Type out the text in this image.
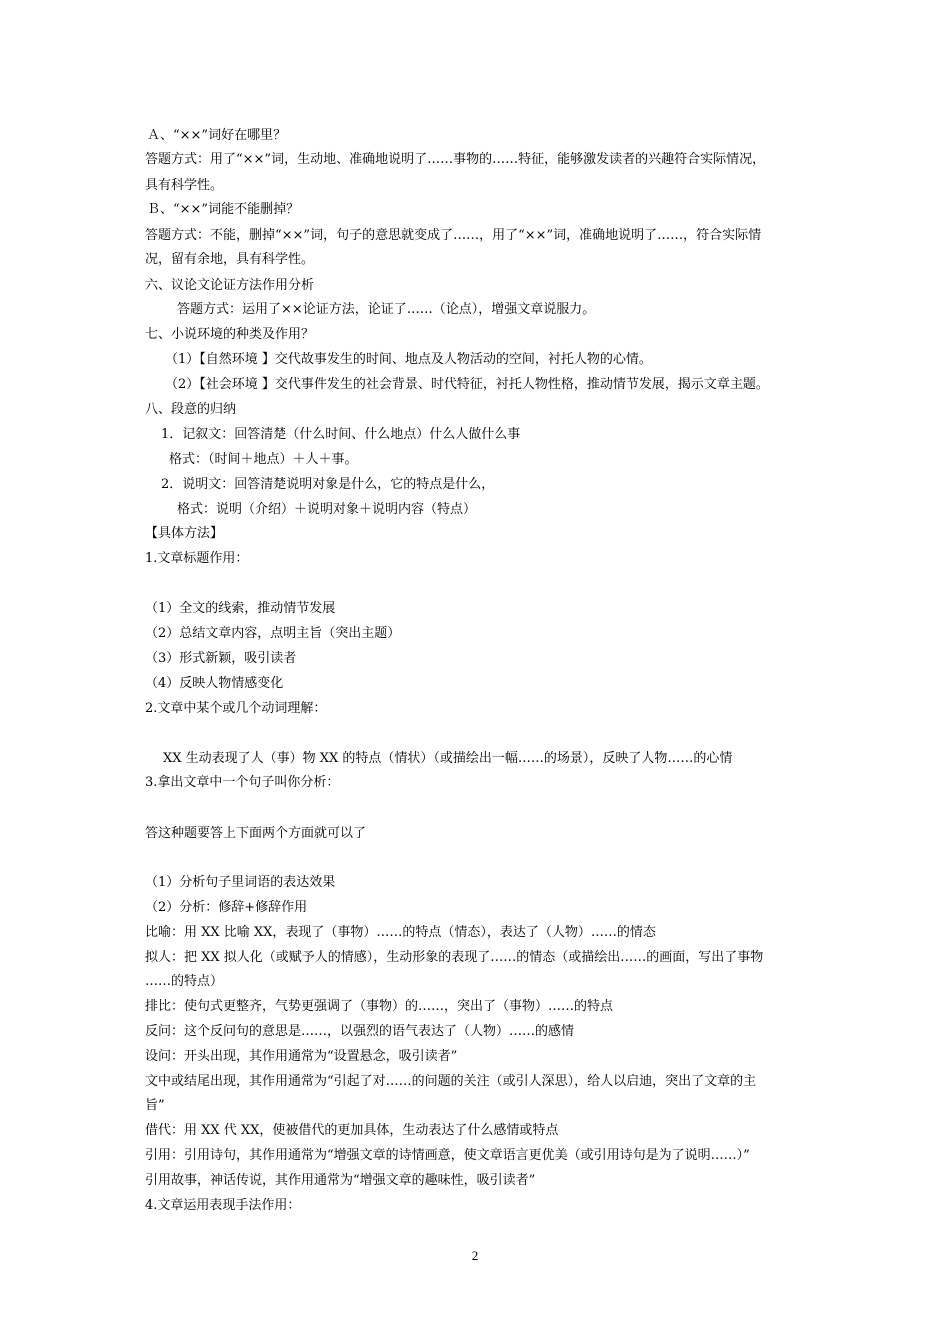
Ａ、“××”词好在哪里？
答题方式：用了“××”词，生动地、准确地说明了……事物的……特征，能够激发读者的兴趣符合实际情况，
具有科学性。
Ｂ、“××”词能不能删掉？
答题方式：不能，删掉“××”词，句子的意思就变成了……，用了“××”词，准确地说明了……，符合实际情
况，留有余地，具有科学性。
六、议论文论证方法作用分析
答题方式：运用了××论证方法，论证了……（论点），增强文章说服力。
七、小说环境的种类及作用？
（1）【自然环境 】交代故事发生的时间、地点及人物活动的空间，衬托人物的心情。
（2）【社会环境 】交代事件发生的社会背景、时代特征，衬托人物性格，推动情节发展，揭示文章主题。
八、段意的归纳
1．记叙文：回答清楚（什么时间、什么地点）什么人做什么事
格式：（时间＋地点）＋人＋事。
2．说明文：回答清楚说明对象是什么，它的特点是什么，
格式：说明（介绍）＋说明对象＋说明内容（特点）
【具体方法】
1.文章标题作用：
（1）全文的线索，推动情节发展
（2）总结文章内容，点明主旨（突出主题）
（3）形式新颖，吸引读者
（4）反映人物情感变化
2.文章中某个或几个动词理解：
XX 生动表现了人（事）物 XX 的特点（情状）（或描绘出一幅……的场景），反映了人物……的心情
3.拿出文章中一个句子叫你分析：
答这种题要答上下面两个方面就可以了
（1）分析句子里词语的表达效果
（2）分析：修辞+修辞作用
比喻：用 XX 比喻 XX，表现了（事物）……的特点（情态），表达了（人物）……的情态
拟人：把 XX 拟人化（或赋予人的情感），生动形象的表现了……的情态（或描绘出……的画面，写出了事物
……的特点）
排比：使句式更整齐，气势更强调了（事物）的……，突出了（事物）……的特点
反问：这个反问句的意思是……，以强烈的语气表达了（人物）……的感情
设问：开头出现，其作用通常为“设置悬念，吸引读者”
文中或结尾出现，其作用通常为“引起了对……的问题的关注（或引人深思），给人以启迪，突出了文章的主
旨”
借代：用 XX 代 XX，使被借代的更加具体，生动表达了什么感情或特点
引用：引用诗句，其作用通常为“增强文章的诗情画意，使文章语言更优美（或引用诗句是为了说明……）”
引用故事，神话传说，其作用通常为“增强文章的趣味性，吸引读者”
4.文章运用表现手法作用：
2
